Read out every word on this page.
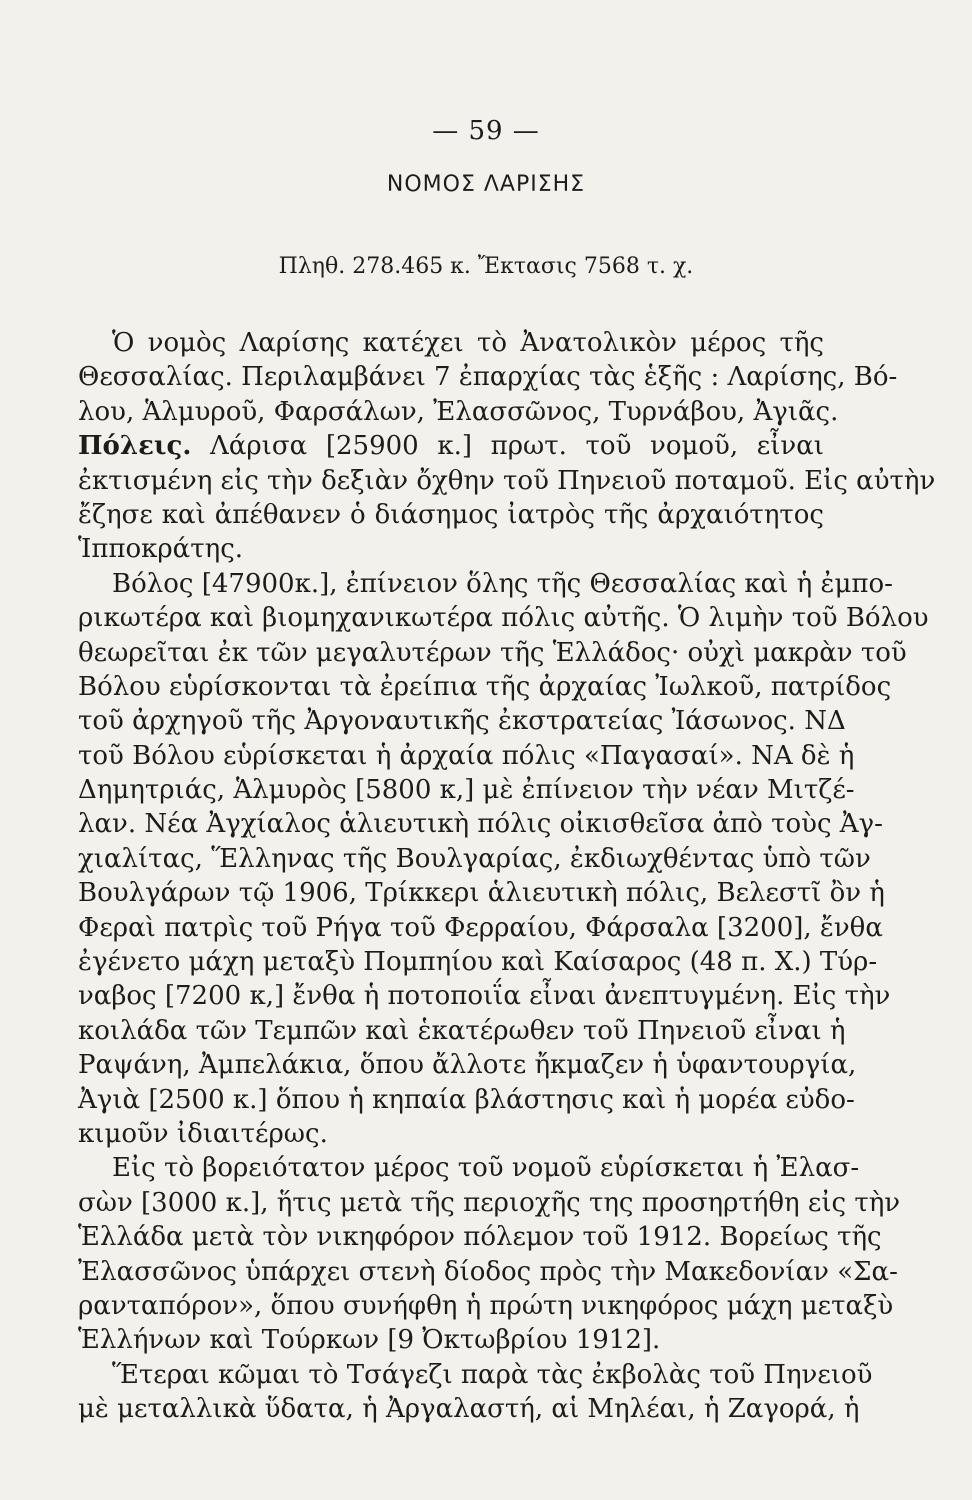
— 59 —
ΝΟΜΟΣ ΛΑΡΙΣΗΣ
Πληθ. 278.465 κ. Ἔκτασις 7568 τ. χ.
Ὁ νομὸς Λαρίσης κατέχει τὸ Ἀνατολικὸν μέρος τῆς
Θεσσαλίας. Περιλαμβάνει 7 ἐπαρχίας τὰς ἑξῆς : Λαρίσης, Βό-
λου, Ἁλμυροῦ, Φαρσάλων, Ἐλασσῶνος, Τυρνάβου, Ἀγιᾶς.
Πόλεις. Λάρισα [25900 κ.] πρωτ. τοῦ νομοῦ, εἶναι
ἐκτισμένη εἰς τὴν δεξιὰν ὄχθην τοῦ Πηνειοῦ ποταμοῦ. Εἰς αὐτὴν
ἔζησε καὶ ἀπέθανεν ὁ διάσημος ἰατρὸς τῆς ἀρχαιότητος
Ἱπποκράτης.
Βόλος [47900κ.], ἐπίνειον ὅλης τῆς Θεσσαλίας καὶ ἡ ἐμπο-
ρικωτέρα καὶ βιομηχανικωτέρα πόλις αὐτῆς. Ὁ λιμὴν τοῦ Βόλου
θεωρεῖται ἐκ τῶν μεγαλυτέρων τῆς Ἑλλάδος· οὐχὶ μακρὰν τοῦ
Βόλου εὑρίσκονται τὰ ἐρείπια τῆς ἀρχαίας Ἰωλκοῦ, πατρίδος
τοῦ ἀρχηγοῦ τῆς Ἀργοναυτικῆς ἐκστρατείας Ἰάσωνος. ΝΔ
τοῦ Βόλου εὑρίσκεται ἡ ἀρχαία πόλις «Παγασαί». ΝΑ δὲ ἡ
Δημητριάς, Ἁλμυρὸς [5800 κ,] μὲ ἐπίνειον τὴν νέαν Μιτζέ-
λαν. Νέα Ἀγχίαλος ἁλιευτικὴ πόλις οἰκισθεῖσα ἀπὸ τοὺς Ἀγ-
χιαλίτας, Ἕλληνας τῆς Βουλγαρίας, ἐκδιωχθέντας ὑπὸ τῶν
Βουλγάρων τῷ 1906, Τρίκκερι ἁλιευτικὴ πόλις, Βελεστῖ ὂν ἡ
Φεραὶ πατρὶς τοῦ Ρήγα τοῦ Φερραίου, Φάρσαλα [3200], ἔνθα
ἐγένετο μάχη μεταξὺ Πομπηίου καὶ Καίσαρος (48 π. Χ.) Τύρ-
ναβος [7200 κ,] ἔνθα ἡ ποτοποιΐα εἶναι ἀνεπτυγμένη. Εἰς τὴν
κοιλάδα τῶν Τεμπῶν καὶ ἑκατέρωθεν τοῦ Πηνειοῦ εἶναι ἡ
Ραψάνη, Ἀμπελάκια, ὅπου ἄλλοτε ἤκμαζεν ἡ ὑφαντουργία,
Ἀγιὰ [2500 κ.] ὅπου ἡ κηπαία βλάστησις καὶ ἡ μορέα εὐδο-
κιμοῦν ἰδιαιτέρως.
Εἰς τὸ βορειότατον μέρος τοῦ νομοῦ εὑρίσκεται ἡ Ἐλασ-
σὼν [3000 κ.], ἥτις μετὰ τῆς περιοχῆς της προσηρτήθη εἰς τὴν
Ἑλλάδα μετὰ τὸν νικηφόρον πόλεμον τοῦ 1912. Βορείως τῆς
Ἐλασσῶνος ὑπάρχει στενὴ δίοδος πρὸς τὴν Μακεδονίαν «Σα-
ρανταπόρον», ὅπου συνήφθη ἡ πρώτη νικηφόρος μάχη μεταξὺ
Ἑλλήνων καὶ Τούρκων [9 Ὀκτωβρίου 1912].
Ἕτεραι κῶμαι τὸ Τσάγεζι παρὰ τὰς ἐκβολὰς τοῦ Πηνειοῦ
μὲ μεταλλικὰ ὕδατα, ἡ Ἀργαλαστή, αἱ Μηλέαι, ἡ Ζαγορά, ἡ
